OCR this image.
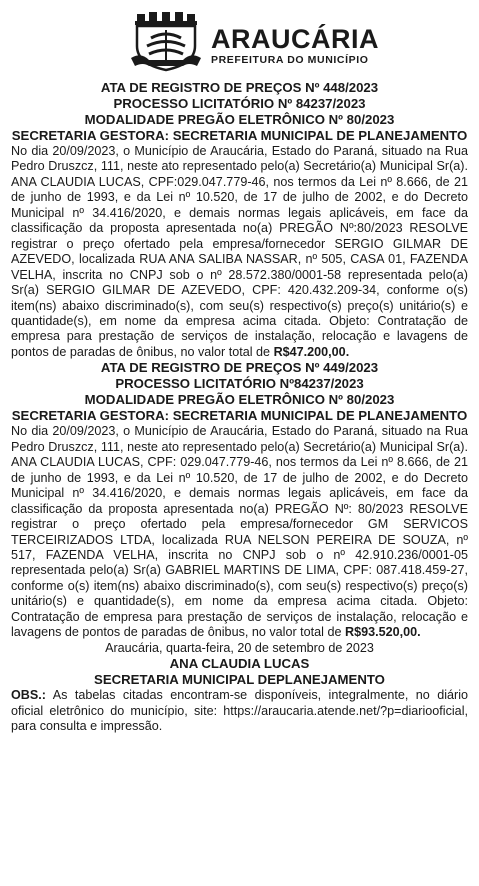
ARAUCÁRIA
PREFEITURA DO MUNICÍPIO

ATA DE REGISTRO DE PREÇOS Nº 448/2023

PROCESSO LICITATÓRIO Nº 84237/2023

MODALIDADE PREGÃO ELETRÔNICO Nº 80/2023

SECRETARIA GESTORA: SECRETARIA MUNICIPAL DE PLANEJAMENTO

No dia 20/09/2023, o Município de Araucária, Estado do Paraná, situado na Rua Pedro Druszcz, 111, neste ato representado pelo(a) Secretário(a) Municipal Sr(a). ANA CLAUDIA LUCAS, CPF:029.047.779-46, nos termos da Lei nº 8.666, de 21 de junho de 1993, e da Lei nº 10.520, de 17 de julho de 2002, e do Decreto Municipal nº 34.416/2020, e demais normas legais aplicáveis, em face da classificação da proposta apresentada no(a) PREGÃO Nº:80/2023 RESOLVE registrar o preço ofertado pela empresa/fornecedor SERGIO GILMAR DE AZEVEDO, localizada RUA ANA SALIBA NASSAR, nº 505, CASA 01, FAZENDA VELHA, inscrita no CNPJ sob o nº 28.572.380/0001-58 representada pelo(a) Sr(a) SERGIO GILMAR DE AZEVEDO, CPF: 420.432.209-34, conforme o(s) item(ns) abaixo discriminado(s), com seu(s) respectivo(s) preço(s) unitário(s) e quantidade(s), em nome da empresa acima citada. Objeto: Contratação de empresa para prestação de serviços de instalação, relocação e lavagens de pontos de paradas de ônibus, no valor total de R$47.200,00.

ATA DE REGISTRO DE PREÇOS Nº 449/2023

PROCESSO LICITATÓRIO Nº84237/2023

MODALIDADE PREGÃO ELETRÔNICO Nº 80/2023

SECRETARIA GESTORA: SECRETARIA MUNICIPAL DE PLANEJAMENTO

No dia 20/09/2023, o Município de Araucária, Estado do Paraná, situado na Rua Pedro Druszcz, 111, neste ato representado pelo(a) Secretário(a) Municipal Sr(a). ANA CLAUDIA LUCAS, CPF: 029.047.779-46, nos termos da Lei nº 8.666, de 21 de junho de 1993, e da Lei nº 10.520, de 17 de julho de 2002, e do Decreto Municipal nº 34.416/2020, e demais normas legais aplicáveis, em face da classificação da proposta apresentada no(a) PREGÃO Nº: 80/2023 RESOLVE registrar o preço ofertado pela empresa/fornecedor GM SERVICOS TERCEIRIZADOS LTDA, localizada RUA NELSON PEREIRA DE SOUZA, nº 517, FAZENDA VELHA, inscrita no CNPJ sob o nº 42.910.236/0001-05 representada pelo(a) Sr(a) GABRIEL MARTINS DE LIMA, CPF: 087.418.459-27, conforme o(s) item(ns) abaixo discriminado(s), com seu(s) respectivo(s) preço(s) unitário(s) e quantidade(s), em nome da empresa acima citada. Objeto: Contratação de empresa para prestação de serviços de instalação, relocação e lavagens de pontos de paradas de ônibus, no valor total de R$93.520,00.

Araucária, quarta-feira, 20 de setembro de 2023

ANA CLAUDIA LUCAS

SECRETARIA MUNICIPAL DEPLANEJAMENTO

OBS.: As tabelas citadas encontram-se disponíveis, integralmente, no diário oficial eletrônico do município, site: https://araucaria.atende.net/?p=diariooficial, para consulta e impressão.
